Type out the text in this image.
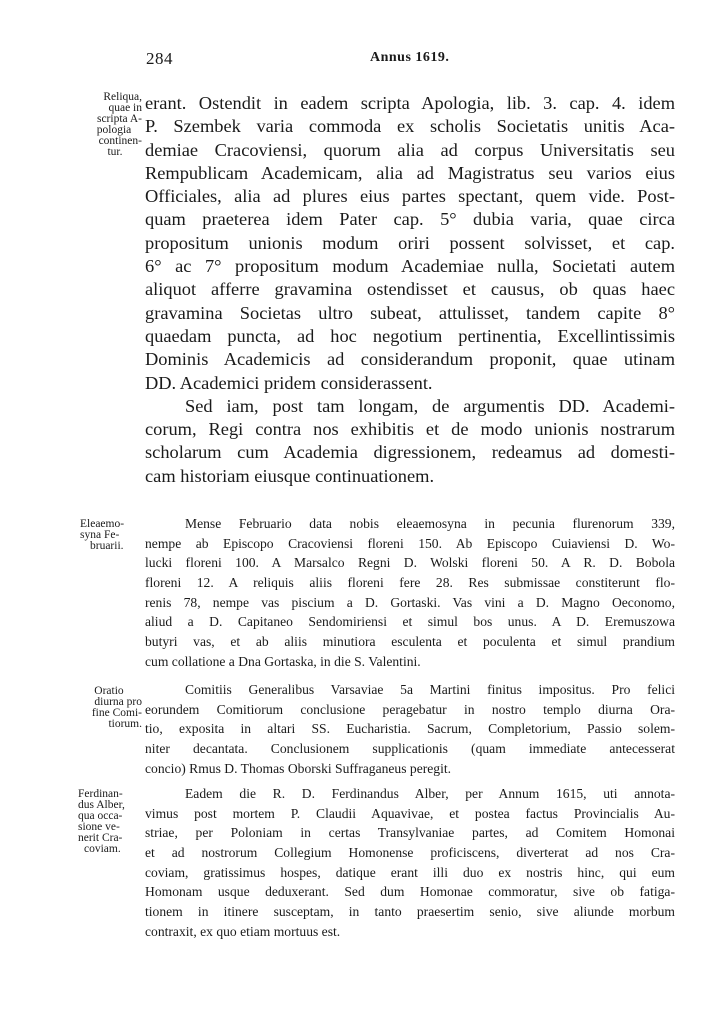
284	Annus 1619.
Reliqua,
quae in
scripta A-
pologia
continen-
tur.
Eleaemo-
syna Fe-
bruarii.
Oratio
diurna pro
fine Comi-
tiorum.
Ferdinan-
dus Alber,
qua occa-
sione ve-
nerit Cra-
coviam.
erant. Ostendit in eadem scripta Apologia, lib. 3. cap. 4. idem
P. Szembek varia commoda ex scholis Societatis unitis Aca-
demiae Cracoviensi, quorum alia ad corpus Universitatis seu
Rempublicam Academicam, alia ad Magistratus seu varios eius
Officiales, alia ad plures eius partes spectant, quem vide. Post-
quam praeterea idem Pater cap. 5° dubia varia, quae circa
propositum unionis modum oriri possent solvisset, et cap.
6° ac 7° propositum modum Academiae nulla, Societati autem
aliquot afferre gravamina ostendisset et causus, ob quas haec
gravamina Societas ultro subeat, attulisset, tandem capite 8°
quaedam puncta, ad hoc negotium pertinentia, Excellintissimis
Dominis Academicis ad considerandum proponit, quae utinam
DD. Academici pridem considerassent.
Sed iam, post tam longam, de argumentis DD. Academi-
corum, Regi contra nos exhibitis et de modo unionis nostrarum
scholarum cum Academia digressionem, redeamus ad domesti-
cam historiam eiusque continuationem.
Mense Februario data nobis eleaemosyna in pecunia flurenorum 339,
nempe ab Episcopo Cracoviensi floreni 150. Ab Episcopo Cuiaviensi D. Wo-
lucki floreni 100. A Marsalco Regni D. Wolski floreni 50. A R. D. Bobola
floreni 12. A reliquis aliis floreni fere 28. Res submissae constiterunt flo-
renis 78, nempe vas piscium a D. Gortaski. Vas vini a D. Magno Oeconomo,
aliud a D. Capitaneo Sendomiriensi et simul bos unus. A D. Eremuszowa
butyri vas, et ab aliis minutiora esculenta et poculenta et simul prandium
cum collatione a Dna Gortaska, in die S. Valentini.
Comitiis Generalibus Varsaviae 5a Martini finitus impositus. Pro felici
eorundem Comitiorum conclusione peragebatur in nostro templo diurna Ora-
tio, exposita in altari SS. Eucharistia. Sacrum, Completorium, Passio solem-
niter decantata. Conclusionem supplicationis (quam immediate antecesserat
concio) Rmus D. Thomas Oborski Suffraganeus peregit.
Eadem die R. D. Ferdinandus Alber, per Annum 1615, uti annota-
vimus post mortem P. Claudii Aquavivae, et postea factus Provincialis Au-
striae, per Poloniam in certas Transylvaniae partes, ad Comitem Homonai
et ad nostrorum Collegium Homonense proficiscens, diverterat ad nos Cra-
coviam, gratissimus hospes, datique erant illi duo ex nostris hinc, qui eum
Homonam usque deduxerant. Sed dum Homonae commoratur, sive ob fatiga-
tionem in itinere susceptam, in tanto praesertim senio, sive aliunde morbum
contraxit, ex quo etiam mortuus est.
